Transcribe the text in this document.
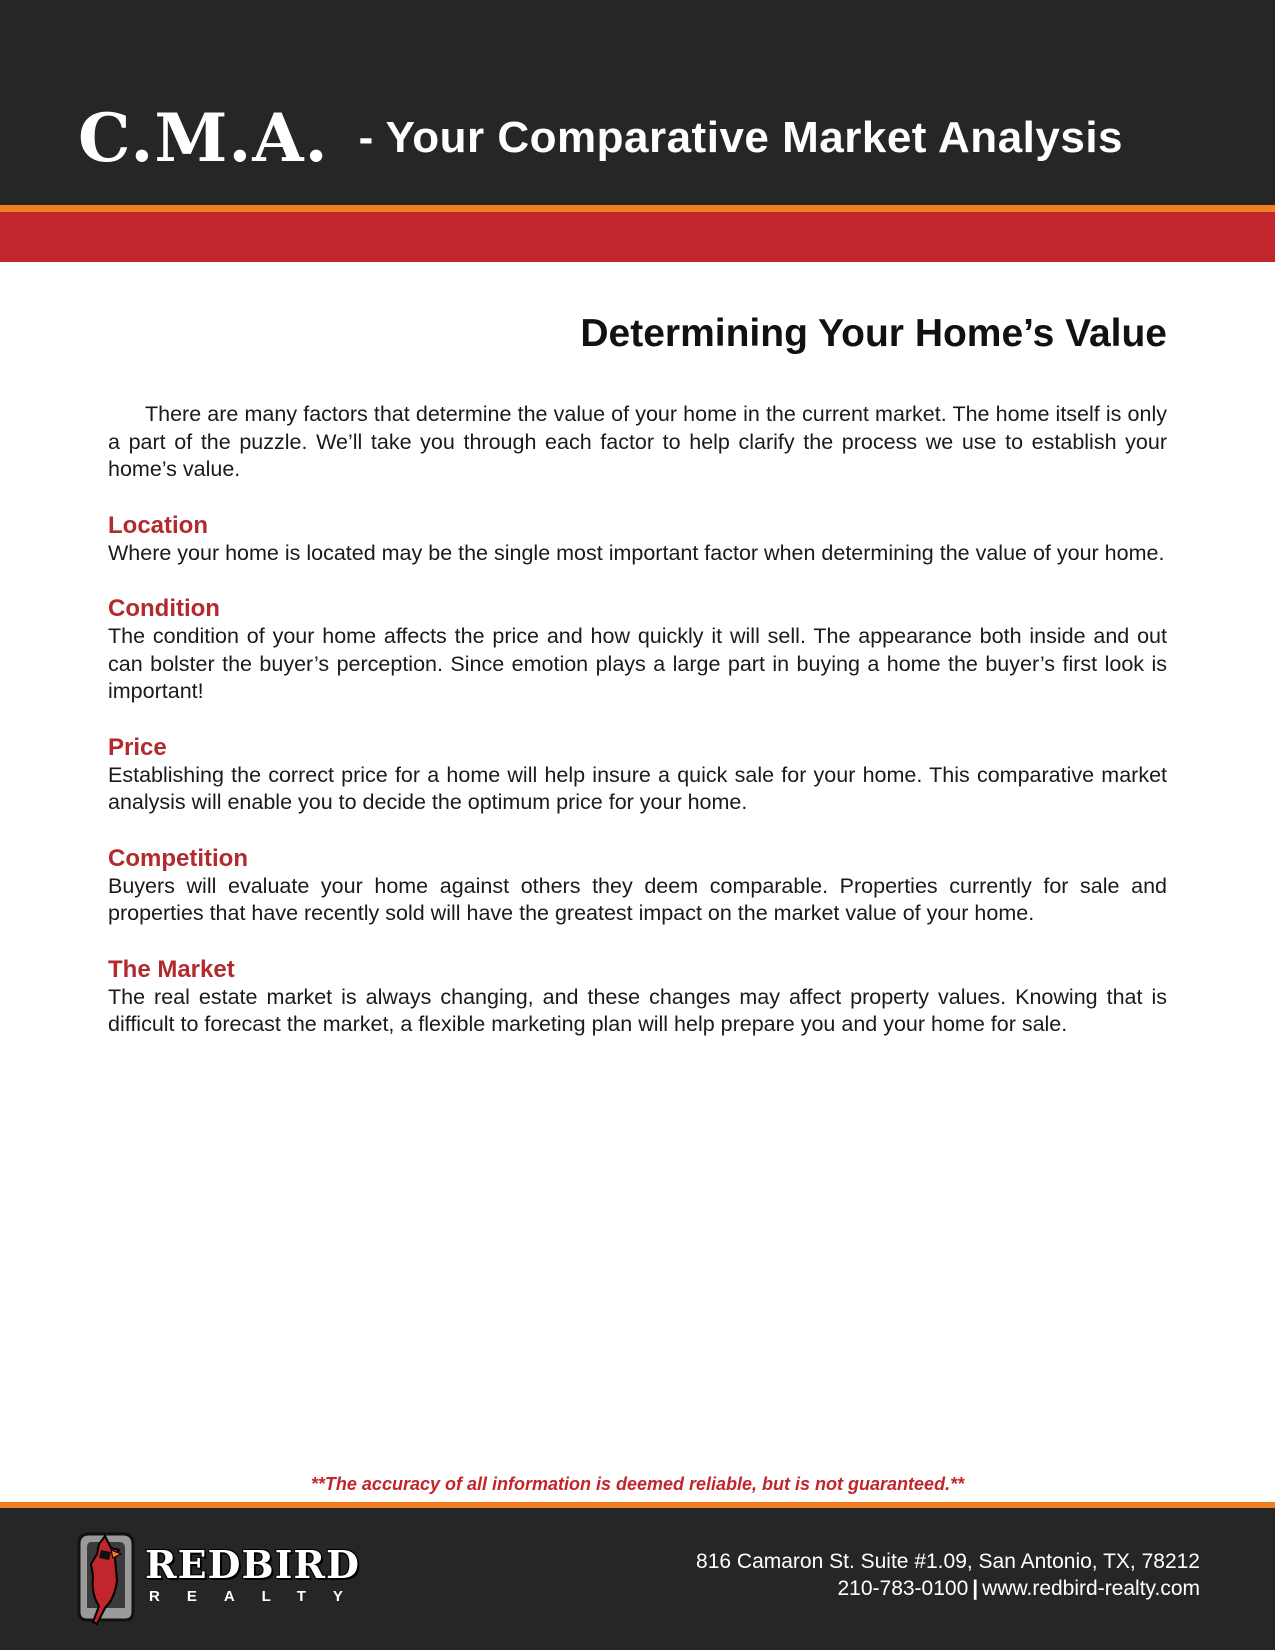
C.M.A. - Your Comparative Market Analysis
Determining Your Home’s Value

There are many factors that determine the value of your home in the current market. The home itself is only a part of the puzzle. We’ll take you through each factor to help clarify the process we use to establish your home’s value.

Location

Where your home is located may be the single most important factor when determining the value of your home.

Condition

The condition of your home affects the price and how quickly it will sell. The appearance both inside and out can bolster the buyer’s perception. Since emotion plays a large part in buying a home the buyer’s first look is important!

Price

Establishing the correct price for a home will help insure a quick sale for your home. This comparative market analysis will enable you to decide the optimum price for your home.

Competition

Buyers will evaluate your home against others they deem comparable. Properties currently for sale and properties that have recently sold will have the greatest impact on the market value of your home.

The Market

The real estate market is always changing, and these changes may affect property values. Knowing that is difficult to forecast the market, a flexible marketing plan will help prepare you and your home for sale.

**The accuracy of all information is deemed reliable, but is not guaranteed.**
REDBIRD
REALTY
816 Camaron St. Suite #1.09, San Antonio, TX, 78212
210-783-0100 | www.redbird-realty.com
